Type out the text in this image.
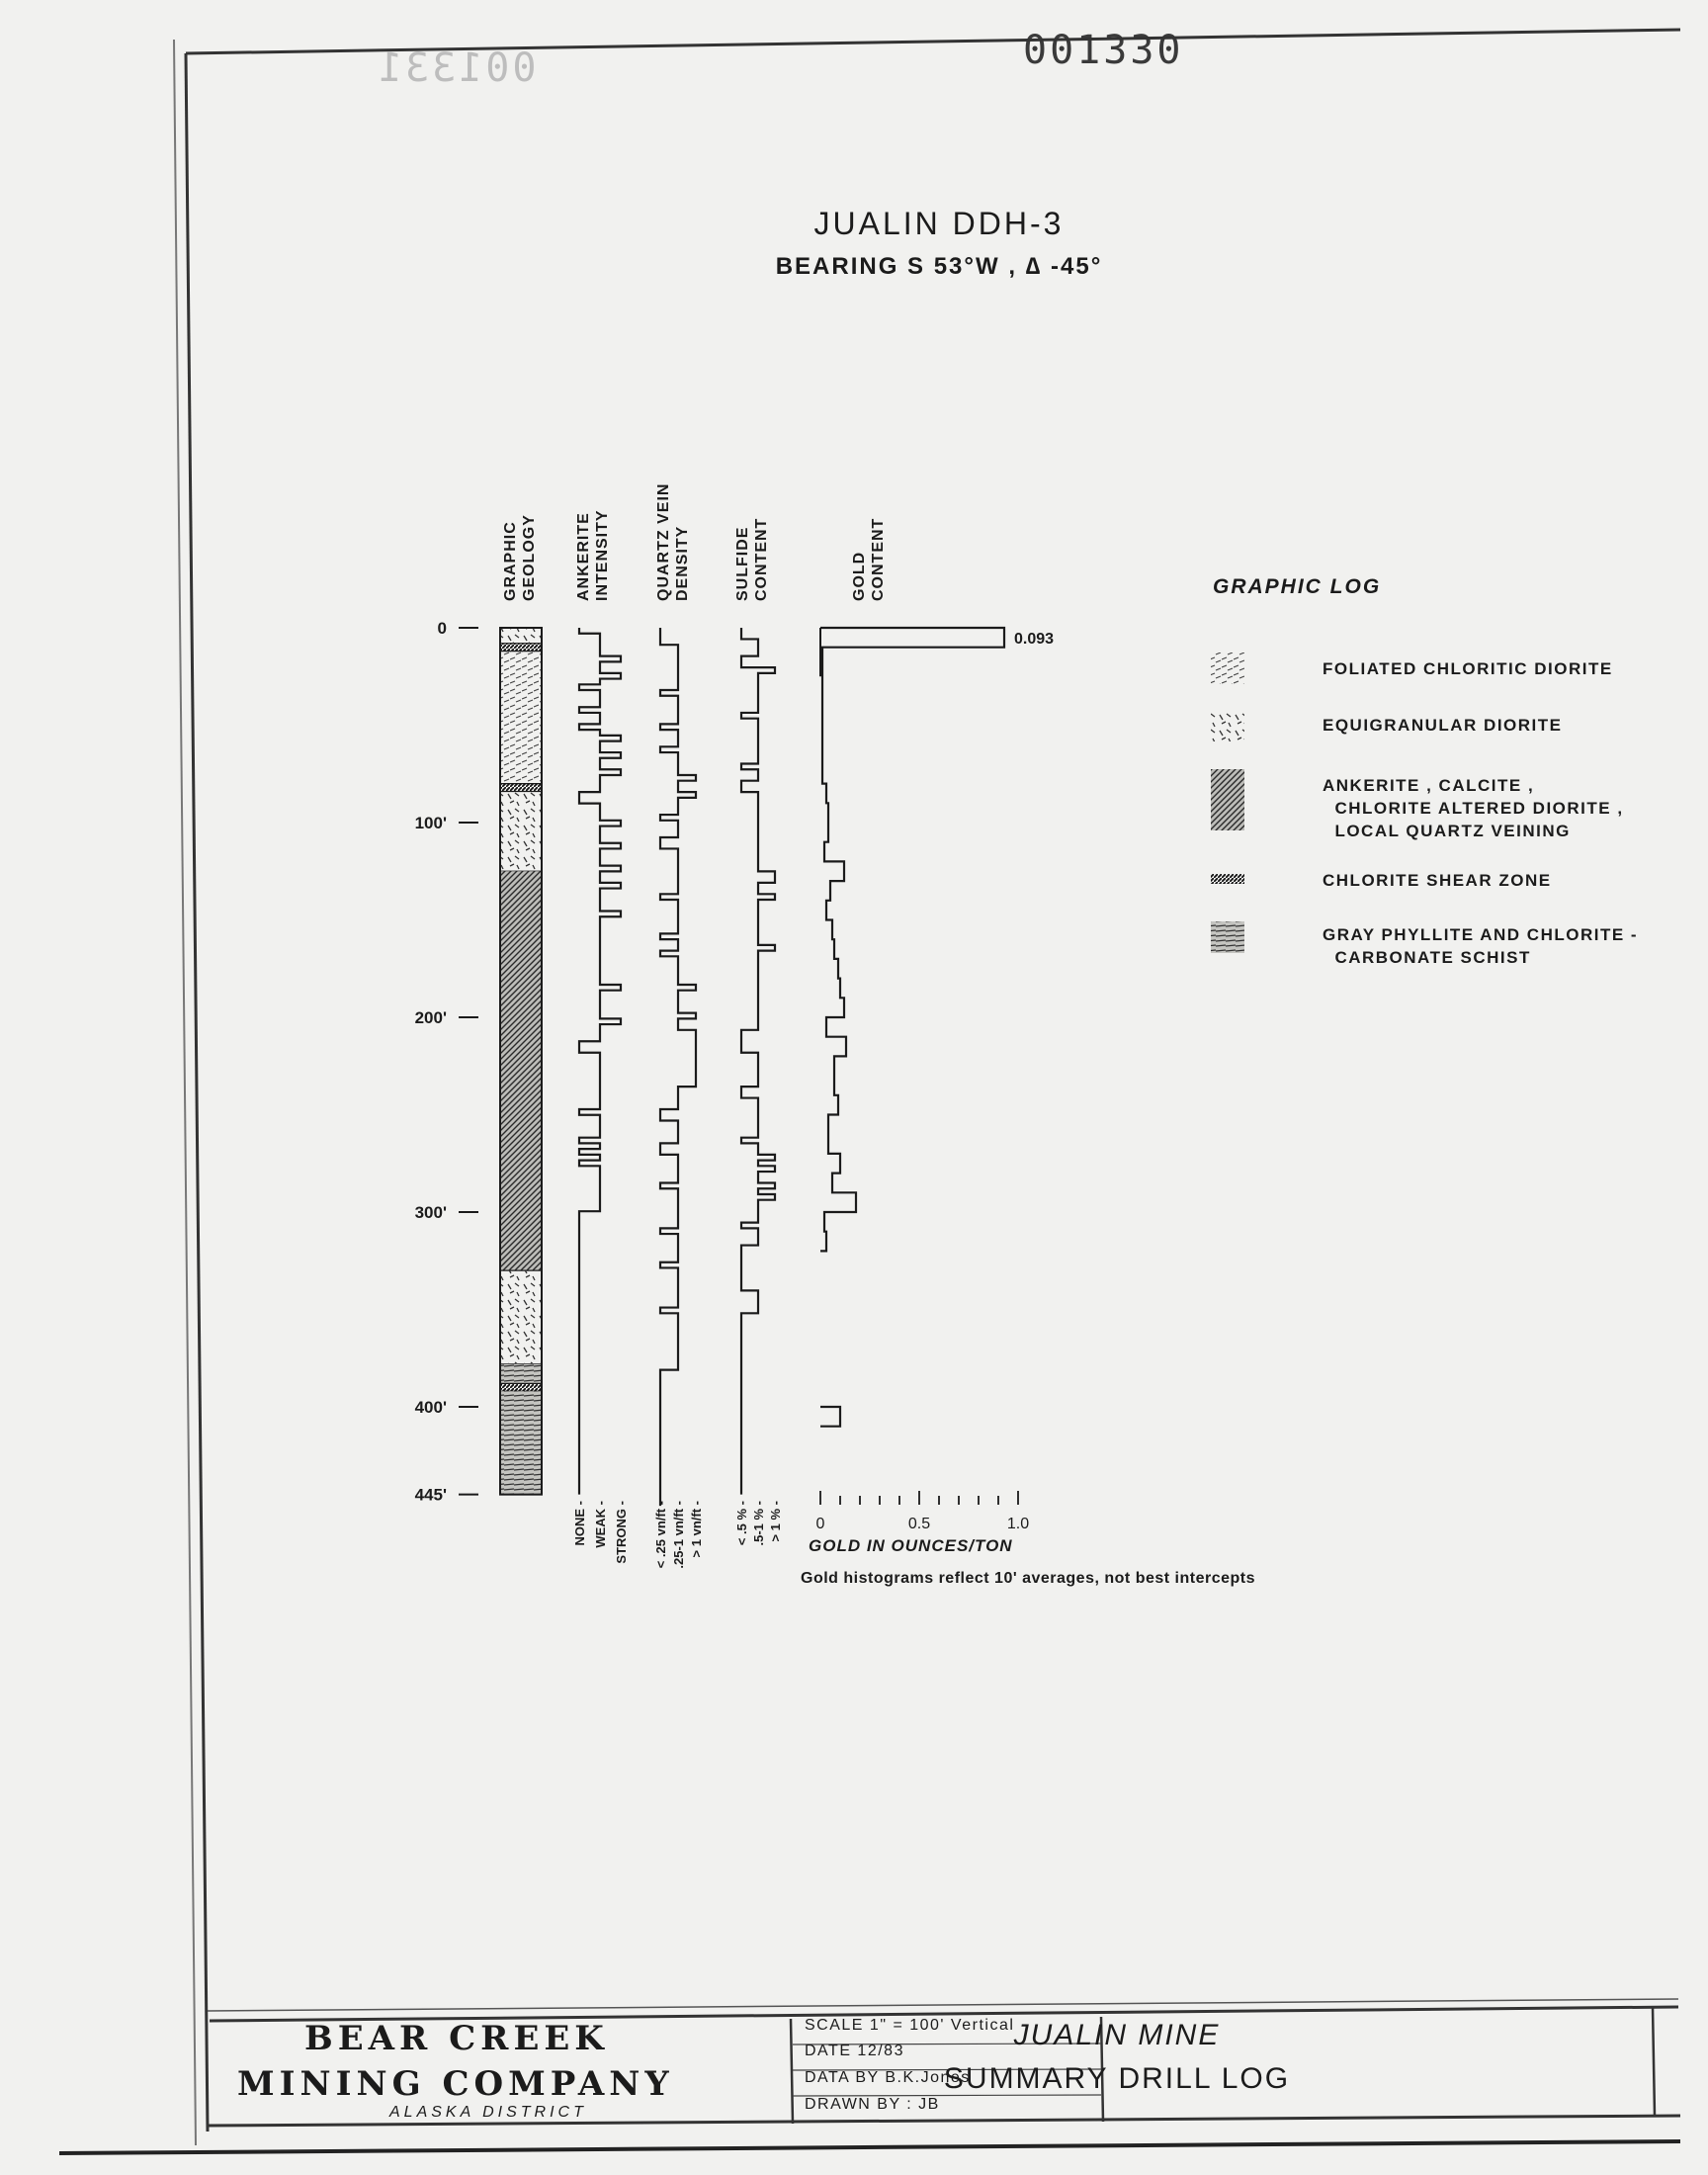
001330
001331
JUALIN DDH-3
BEARING S 53°W , ∆ -45°
0
100'
200'
300'
400'
445'
GRAPHIC GEOLOGY ANKERITE INTENSITY	QUARTZ VEIN DENSITY	SULFIDE CONTENT	GOLD CONTENT
0.093
0	0.5	1.0
NONE - WEAK - STRONG - < .25 vn/ft - .25-1 vn/ft - > 1 vn/ft - < .5 % - .5-1 % - > 1 % -
GOLD IN OUNCES/TON
Gold histograms reflect 10' averages, not best intercepts
GRAPHIC LOG
FOLIATED CHLORITIC DIORITE
EQUIGRANULAR DIORITE
ANKERITE , CALCITE ,
CHLORITE ALTERED DIORITE ,
LOCAL QUARTZ VEINING
CHLORITE SHEAR ZONE
GRAY PHYLLITE AND CHLORITE -
CARBONATE SCHIST
BEAR CREEK
MINING COMPANY
ALASKA DISTRICT
SCALE 1" = 100' Vertical
DATE 12/83
DATA BY B.K.Jones
DRAWN BY : JB
JUALIN MINE
SUMMARY DRILL LOG
